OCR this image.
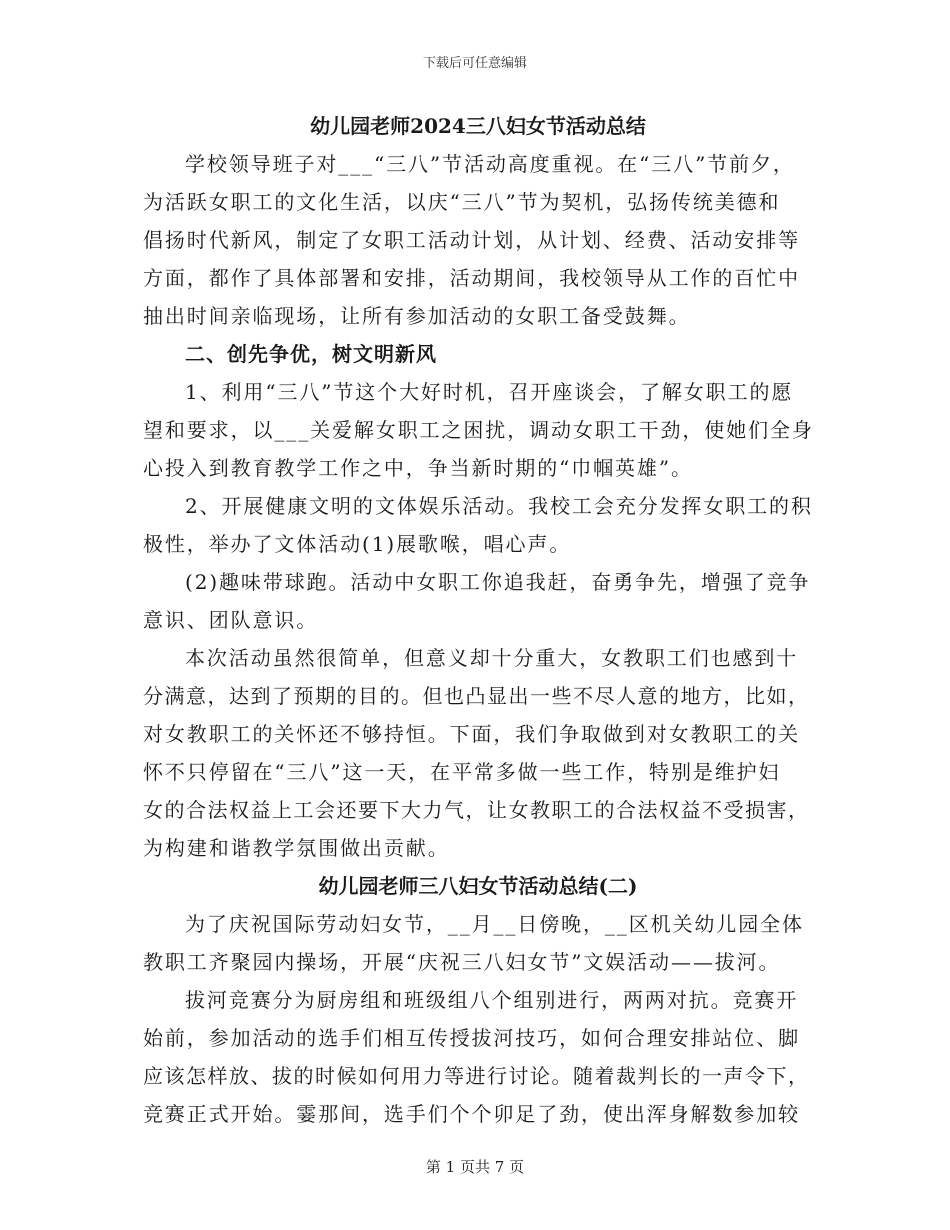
下载后可任意编辑
幼儿园老师2024三八妇女节活动总结
学校领导班子对___“三八”节活动高度重视。在“三八”节前夕，
为活跃女职工的文化生活，以庆“三八”节为契机，弘扬传统美德和
倡扬时代新风，制定了女职工活动计划，从计划、经费、活动安排等
方面，都作了具体部署和安排，活动期间，我校领导从工作的百忙中
抽出时间亲临现场，让所有参加活动的女职工备受鼓舞。
二、创先争优，树文明新风
1、利用“三八”节这个大好时机，召开座谈会，了解女职工的愿
望和要求，以___关爱解女职工之困扰，调动女职工干劲，使她们全身
心投入到教育教学工作之中，争当新时期的“巾帼英雄”。
2、开展健康文明的文体娱乐活动。我校工会充分发挥女职工的积
极性，举办了文体活动(1)展歌喉，唱心声。
(2)趣味带球跑。活动中女职工你追我赶，奋勇争先，增强了竞争
意识、团队意识。
本次活动虽然很简单，但意义却十分重大，女教职工们也感到十
分满意，达到了预期的目的。但也凸显出一些不尽人意的地方，比如，
对女教职工的关怀还不够持恒。下面，我们争取做到对女教职工的关
怀不只停留在“三八”这一天，在平常多做一些工作，特别是维护妇
女的合法权益上工会还要下大力气，让女教职工的合法权益不受损害，
为构建和谐教学氛围做出贡献。
幼儿园老师三八妇女节活动总结(二)
为了庆祝国际劳动妇女节，__月__日傍晚，__区机关幼儿园全体
教职工齐聚园内操场，开展“庆祝三八妇女节”文娱活动——拔河。
拔河竞赛分为厨房组和班级组八个组别进行，两两对抗。竞赛开
始前，参加活动的选手们相互传授拔河技巧，如何合理安排站位、脚
应该怎样放、拔的时候如何用力等进行讨论。随着裁判长的一声令下，
竞赛正式开始。霎那间，选手们个个卯足了劲，使出浑身解数参加较
第 1 页共 7 页
